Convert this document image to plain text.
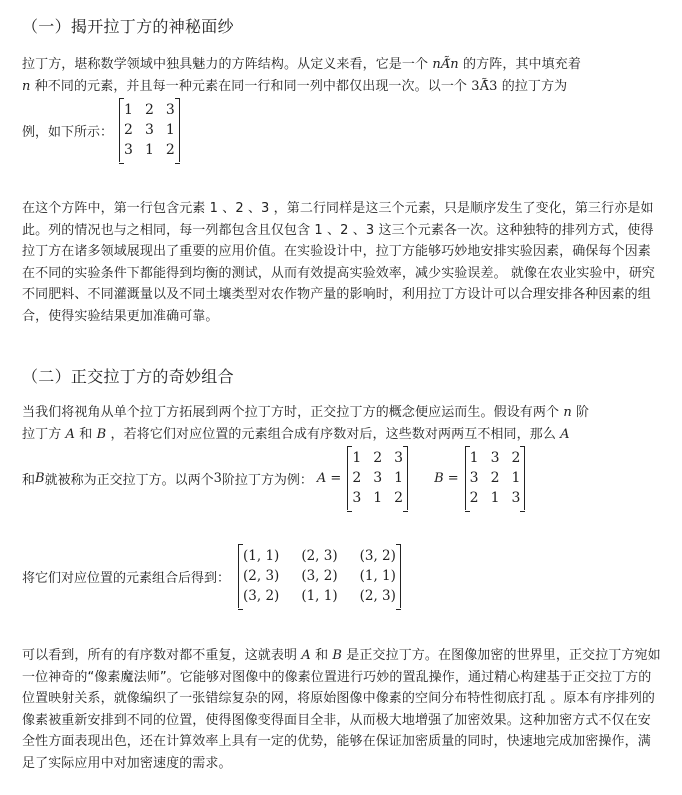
（一）揭开拉丁方的神秘面纱

拉丁方，堪称数学领域中独具魅力的方阵结构。从定义来看，它是一个 nÃ̃n 的方阵，其中填充着

n 种不同的元素，并且每一种元素在同一行和同一列中都仅出现一次。以一个 3Ã̄3 的拉丁方为

例，如下所示：
1 2 3
2 3 1
3 1 2
在这个方阵中，第一行包含元素 1 、2 、3 ，第二行同样是这三个元素，只是顺序发生了变化，第三行亦是如此。列的情况也与之相同，每一列都包含且仅包含 1 、2 、3 这三个元素各一次。这种独特的排列方式，使得拉丁方在诸多领域展现出了重要的应用价值。在实验设计中，拉丁方能够巧妙地安排实验因素，确保每个因素在不同的实验条件下都能得到均衡的测试，从而有效提高实验效率，减少实验误差。 就像在农业实验中，研究不同肥料、不同灌溉量以及不同土壤类型对农作物产量的影响时，利用拉丁方设计可以合理安排各种因素的组合，使得实验结果更加准确可靠。
（二）正交拉丁方的奇妙组合

当我们将视角从单个拉丁方拓展到两个拉丁方时，正交拉丁方的概念便应运而生。假设有两个 n 阶

拉丁方 A 和 B ，若将它们对应位置的元素组合成有序数对后，这些数对两两互不相同，那么 A

和 B 就被称为正交拉丁方。以两个 3 阶拉丁方为例： A =
1 2 3
2 3 1
3 1 2
B =
1 3 2
3 2 1
2 1 3
将它们对应位置的元素组合后得到：
(1, 1) (2, 3) (3, 2)
(2, 3) (3, 2) (1, 1)
(3, 2) (1, 1) (2, 3)

可以看到，所有的有序数对都不重复，这就表明 A 和 B 是正交拉丁方。在图像加密的世界里，正交拉丁方宛如一位神奇的“像素魔法师”。它能够对图像中的像素位置进行巧妙的置乱操作，通过精心构建基于正交拉丁方的位置映射关系，就像编织了一张错综复杂的网，将原始图像中像素的空间分布特性彻底打乱 。原本有序排列的像素被重新安排到不同的位置，使得图像变得面目全非，从而极大地增强了加密效果。这种加密方式不仅在安全性方面表现出色，还在计算效率上具有一定的优势，能够在保证加密质量的同时，快速地完成加密操作，满足了实际应用中对加密速度的需求。
